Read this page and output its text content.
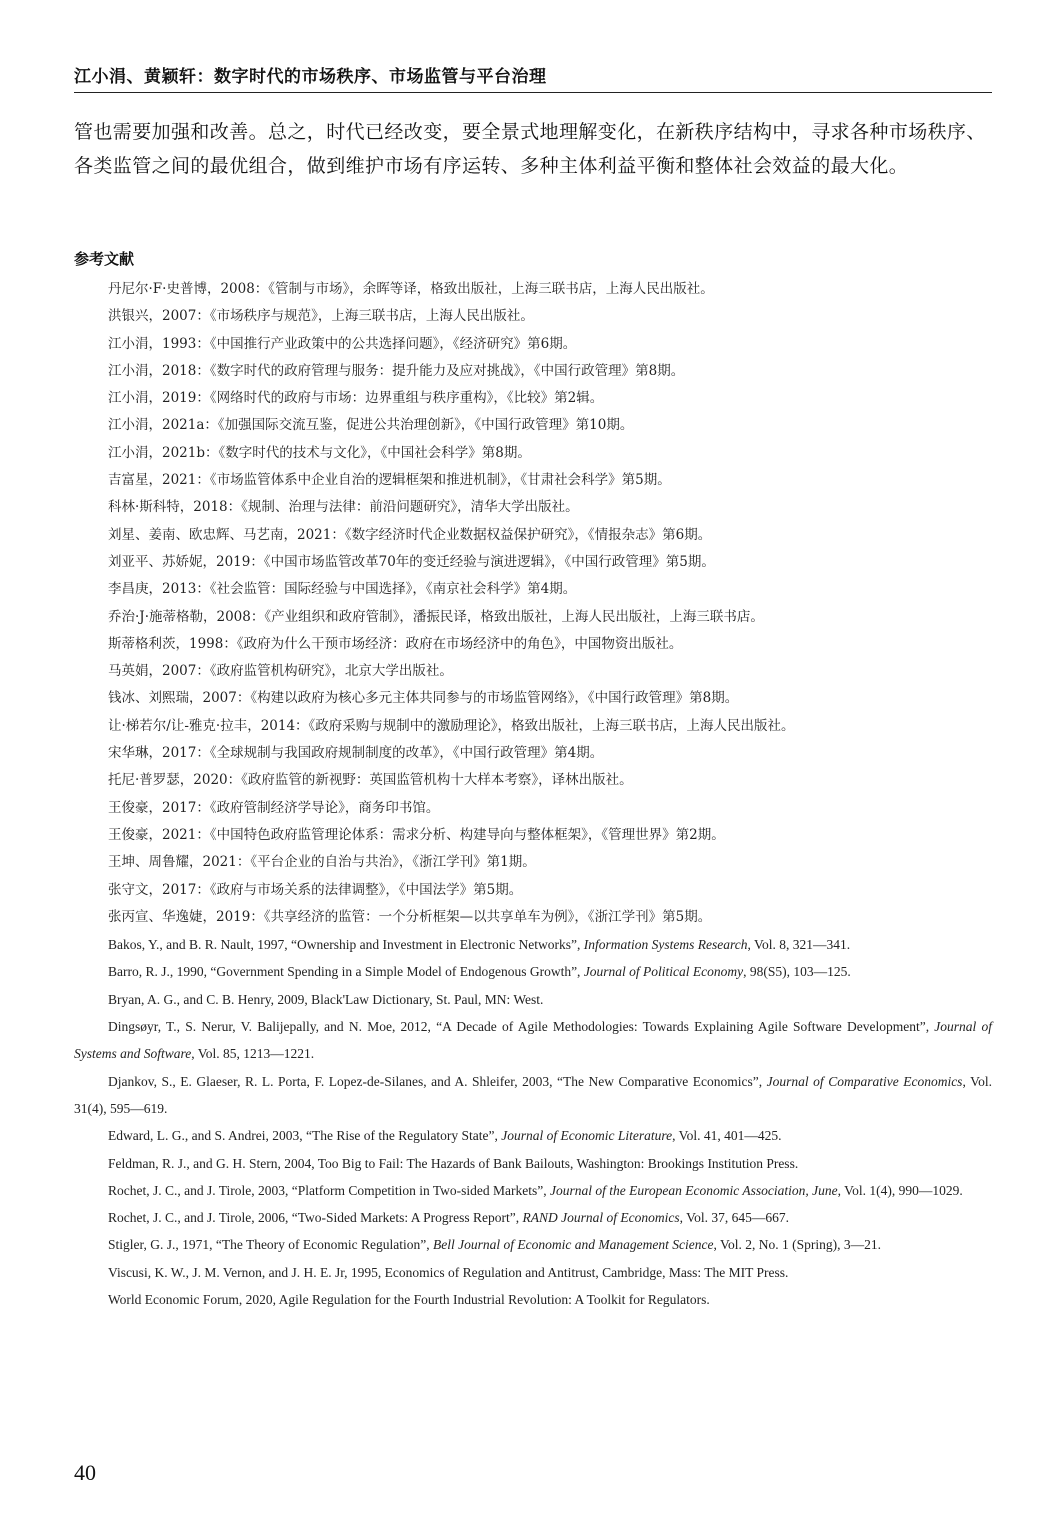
江小涓、黄颖轩：数字时代的市场秩序、市场监管与平台治理

管也需要加强和改善。总之，时代已经改变，要全景式地理解变化，在新秩序结构中，寻求各种市场秩序、各类监管之间的最优组合，做到维护市场有序运转、多种主体利益平衡和整体社会效益的最大化。

参考文献
丹尼尔·F·史普博，2008：《管制与市场》，余晖等译，格致出版社，上海三联书店，上海人民出版社。
洪银兴，2007：《市场秩序与规范》，上海三联书店，上海人民出版社。
江小涓，1993：《中国推行产业政策中的公共选择问题》，《经济研究》第6期。
江小涓，2018：《数字时代的政府管理与服务：提升能力及应对挑战》，《中国行政管理》第8期。
江小涓，2019：《网络时代的政府与市场：边界重组与秩序重构》，《比较》第2辑。
江小涓，2021a：《加强国际交流互鉴，促进公共治理创新》，《中国行政管理》第10期。
江小涓，2021b：《数字时代的技术与文化》，《中国社会科学》第8期。
吉富星，2021：《市场监管体系中企业自治的逻辑框架和推进机制》，《甘肃社会科学》第5期。
科林·斯科特，2018：《规制、治理与法律：前沿问题研究》，清华大学出版社。
刘星、姜南、欧忠辉、马艺南，2021：《数字经济时代企业数据权益保护研究》，《情报杂志》第6期。
刘亚平、苏娇妮，2019：《中国市场监管改革70年的变迁经验与演进逻辑》，《中国行政管理》第5期。
李昌庚，2013：《社会监管：国际经验与中国选择》，《南京社会科学》第4期。
乔治·J·施蒂格勒，2008：《产业组织和政府管制》，潘振民译，格致出版社，上海人民出版社，上海三联书店。
斯蒂格利茨，1998：《政府为什么干预市场经济：政府在市场经济中的角色》，中国物资出版社。
马英娟，2007：《政府监管机构研究》，北京大学出版社。
钱冰、刘熙瑞，2007：《构建以政府为核心多元主体共同参与的市场监管网络》，《中国行政管理》第8期。
让·梯若尔/让-雅克·拉丰，2014：《政府采购与规制中的激励理论》，格致出版社，上海三联书店，上海人民出版社。
宋华琳，2017：《全球规制与我国政府规制制度的改革》，《中国行政管理》第4期。
托尼·普罗瑟，2020：《政府监管的新视野：英国监管机构十大样本考察》，译林出版社。
王俊豪，2017：《政府管制经济学导论》，商务印书馆。
王俊豪，2021：《中国特色政府监管理论体系：需求分析、构建导向与整体框架》，《管理世界》第2期。
王坤、周鲁耀，2021：《平台企业的自治与共治》，《浙江学刊》第1期。
张守文，2017：《政府与市场关系的法律调整》，《中国法学》第5期。
张丙宣、华逸婕，2019：《共享经济的监管：一个分析框架—以共享单车为例》，《浙江学刊》第5期。

Bakos, Y., and B. R. Nault, 1997, “Ownership and Investment in Electronic Networks”, Information Systems Research, Vol. 8, 321—341.

Barro, R. J., 1990, “Government Spending in a Simple Model of Endogenous Growth”, Journal of Political Economy, 98(S5), 103—125.

Bryan, A. G., and C. B. Henry, 2009, Black'Law Dictionary, St. Paul, MN: West.

Dingsøyr, T., S. Nerur, V. Balijepally, and N. Moe, 2012, “A Decade of Agile Methodologies: Towards Explaining Agile Software Development”, Journal of Systems and Software, Vol. 85, 1213—1221.

Djankov, S., E. Glaeser, R. L. Porta, F. Lopez-de-Silanes, and A. Shleifer, 2003, “The New Comparative Economics”, Journal of Comparative Economics, Vol. 31(4), 595—619.

Edward, L. G., and S. Andrei, 2003, “The Rise of the Regulatory State”, Journal of Economic Literature, Vol. 41, 401—425.

Feldman, R. J., and G. H. Stern, 2004, Too Big to Fail: The Hazards of Bank Bailouts, Washington: Brookings Institution Press.

Rochet, J. C., and J. Tirole, 2003, “Platform Competition in Two-sided Markets”, Journal of the European Economic Association, June, Vol. 1(4), 990—1029.

Rochet, J. C., and J. Tirole, 2006, “Two-Sided Markets: A Progress Report”, RAND Journal of Economics, Vol. 37, 645—667.

Stigler, G. J., 1971, “The Theory of Economic Regulation”, Bell Journal of Economic and Management Science, Vol. 2, No. 1 (Spring), 3—21.

Viscusi, K. W., J. M. Vernon, and J. H. E. Jr, 1995, Economics of Regulation and Antitrust, Cambridge, Mass: The MIT Press.

World Economic Forum, 2020, Agile Regulation for the Fourth Industrial Revolution: A Toolkit for Regulators.

40
